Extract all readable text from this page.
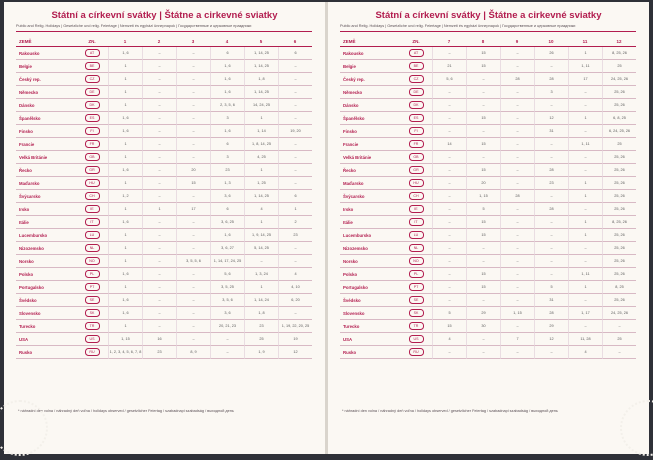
Státní a církevní svátky | Štátne a cirkevné sviatky
Public and Relig. Holidays | Gesetzliche und relig. Feiertage | Nemzeti és egyházi ünnepnapok | Государственные и церковные праздники
ZEMĚ	ZN.	1	2	3	4	5	6
Rakousko	AT	1, 6	–	–	6	1, 14, 25	6
Belgie	BE	1	–	–	1, 6	1, 14, 25	–
Český rep.	CZ	1	–	–	1, 6	1, 8	–
Německo	DE	1	–	–	1, 6	1, 14, 25	–
Dánsko	DK	1	–	–	2, 3, 5, 6	14, 24, 25	–
Španělsko	ES	1, 6	–	–	3	1	–
Finsko	FI	1, 6	–	–	1, 6	1, 14	19, 20
Francie	FR	1	–	–	6	1, 8, 14, 25	–
Velká Británie	GB	1	–	–	3	4, 25	–
Řecko	GR	1, 6	–	20	23	1	–
Maďarsko	HU	1	–	15	1, 3	1, 25	–
Švýcarsko	CH	1, 2	–	–	3, 6	1, 14, 25	6
Irsko	IE	1	1	17	6	4	1
Itálie	IT	1, 6	–	–	3, 6, 25	1	2
Lucembursko	LU	1	–	–	1, 6	1, 9, 14, 25	23
Nizozemsko	NL	1	–	–	3, 6, 27	5, 14, 25	–
Norsko	NO	1	–	3, 5, 5, 6	1, 14, 17, 24, 25	–	–
Polsko	PL	1, 6	–	–	5, 6	1, 3, 24	4
Portugalsko	PT	1	–	–	3, 5, 25	1	4, 10
Švédsko	SE	1, 6	–	–	3, 5, 6	1, 14, 24	6, 20
Slovensko	SK	1, 6	–	–	3, 6	1, 8	–
Turecko	TR	1	–	–	20, 21, 23	23	1, 19, 22, 20, 25
USA	US	1, 15	16	–	–	25	19
Rusko	RU	1, 2, 3, 4, 5, 6, 7, 8	23	8, 9	–	1, 9	12
* náhradní den volna / náhradný deň voľna / holidays observed / gesetzlicher Feiertag / szabadnapi szabadság / выходной день
Státní a církevní svátky | Štátne a cirkevné sviatky
Public and Relig. Holidays | Gesetzliche und relig. Feiertage | Nemzeti és egyházi ünnepnapok | Государственные и церковные праздники
ZEMĚ	ZN.	7	8	9	10	11	12
Rakousko	AT	–	15	–	26	1	8, 25, 26
Belgie	BE	21	15	–	–	1, 11	25
Český rep.	CZ	5, 6	–	28	28	17	24, 25, 26
Německo	DE	–	–	–	3	–	25, 26
Dánsko	DK	–	–	–	–	–	25, 26
Španělsko	ES	–	15	–	12	1	6, 8, 25
Finsko	FI	–	–	–	31	–	6, 24, 25, 26
Francie	FR	14	15	–	–	1, 11	25
Velká Británie	GB	–	–	–	–	–	25, 26
Řecko	GR	–	15	–	28	–	25, 26
Maďarsko	HU	–	20	–	23	1	25, 26
Švýcarsko	CH	–	1, 15	28	–	1	25, 26
Irsko	IE	–	5	–	28	–	25, 26
Itálie	IT	–	15	–	–	1	8, 25, 26
Lucembursko	LU	–	15	–	–	1	25, 26
Nizozemsko	NL	–	–	–	–	–	25, 26
Norsko	NO	–	–	–	–	–	25, 26
Polsko	PL	–	15	–	–	1, 11	25, 26
Portugalsko	PT	–	15	–	5	1	8, 25
Švédsko	SE	–	–	–	31	–	25, 26
Slovensko	SK	5	29	1, 15	28	1, 17	24, 25, 26
Turecko	TR	15	30	–	29	–	–
USA	US	4	–	7	12	11, 28	25
Rusko	RU	–	–	–	–	4	–
* náhradní den volna / náhradný deň voľna / holidays observed / gesetzlicher Feiertag / szabadnapi szabadság / выходной день
